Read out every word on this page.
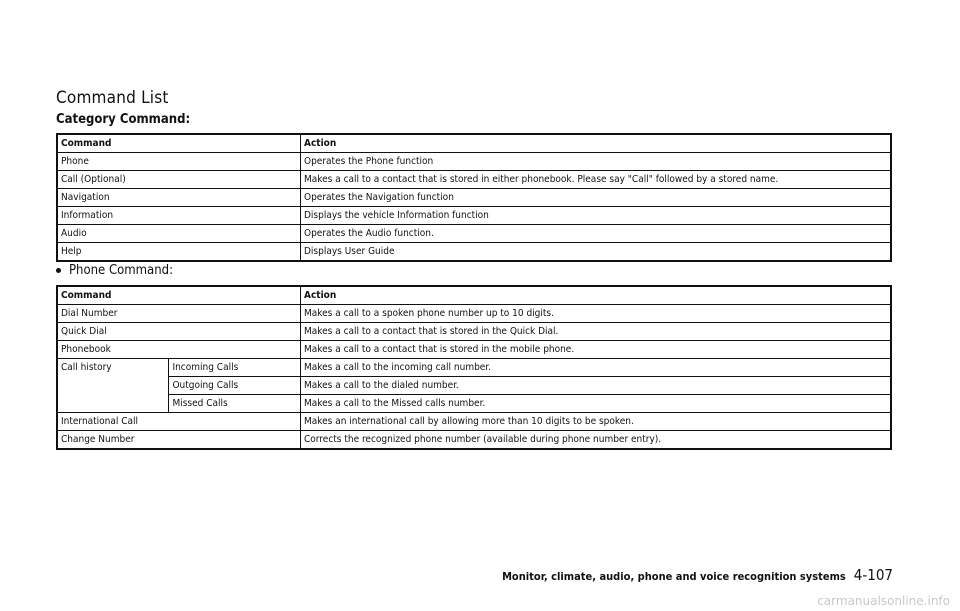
Command List
Category Command:
Command	Action
Phone	Operates the Phone function
Call (Optional)	Makes a call to a contact that is stored in either phonebook. Please say "Call" followed by a stored name.
Navigation	Operates the Navigation function
Information	Displays the vehicle Information function
Audio	Operates the Audio function.
Help	Displays User Guide
Phone Command:
Command		Action
Dial Number		Makes a call to a spoken phone number up to 10 digits.
Quick Dial		Makes a call to a contact that is stored in the Quick Dial.
Phonebook		Makes a call to a contact that is stored in the mobile phone.
Call history	Incoming Calls	Makes a call to the incoming call number.
	Outgoing Calls	Makes a call to the dialed number.
	Missed Calls	Makes a call to the Missed calls number.
International Call		Makes an international call by allowing more than 10 digits to be spoken.
Change Number		Corrects the recognized phone number (available during phone number entry).
Monitor, climate, audio, phone and voice recognition systems 4-107
carmanualsonline.info
